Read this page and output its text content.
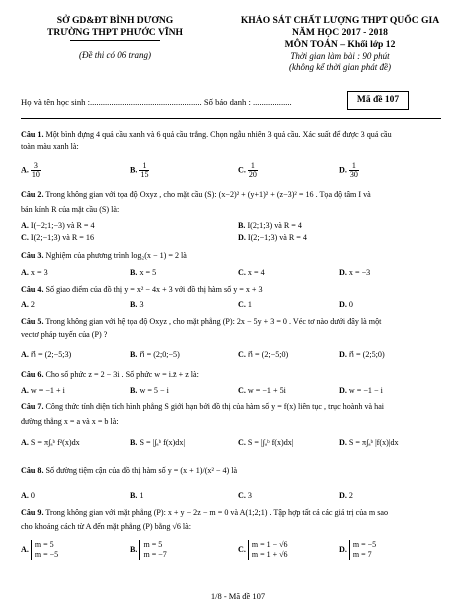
SỞ GD&ĐT BÌNH DƯƠNG
TRƯỜNG THPT PHƯỚC VĨNH
(Đề thi có 06 trang)
KHẢO SÁT CHẤT LƯỢNG THPT QUỐC GIA
NĂM HỌC 2017 - 2018
MÔN TOÁN – Khối lớp 12
Thời gian làm bài : 90 phút
(không kể thời gian phát đề)
Họ và tên học sinh :.................................................... Số báo danh : ..................	Mã đề 107
Câu 1. Một bình đựng 4 quả cầu xanh và 6 quả cầu trắng. Chọn ngẫu nhiên 3 quả cầu. Xác suất để được 3 quả cầu
toàn màu xanh là:
A. $\frac{3}{10}$	B. $\frac{1}{15}$	C. $\frac{1}{20}$	D. $\frac{1}{30}$
Câu 2. Trong không gian với tọa độ Oxyz , cho mặt cầu (S): (x−2)² + (y+1)² + (z−3)² = 16 . Tọa độ tâm I và
bán kính R của mặt cầu (S) là:
A. I(−2;1;−3) và R = 4	B. I(2;1;3) và R = 4
C. I(2;−1;3) và R = 16	D. I(2;−1;3) và R = 4
Câu 3. Nghiệm của phương trình log₂(x − 1) = 2 là
A. x = 3	B. x = 5	C. x = 4	D. x = −3
Câu 4. Số giao điểm của đồ thị y = x² − 4x + 3 với đồ thị hàm số y = x + 3
A. 2	B. 3	C. 1	D. 0
Câu 5. Trong không gian với hệ tọa độ Oxyz , cho mặt phẳng (P): 2x − 5y + 3 = 0 . Véc tơ nào dưới đây là một
vectơ pháp tuyến của (P) ?
A. n⃗ = (2;−5;3)	B. n⃗ = (2;0;−5)	C. n⃗ = (2;−5;0)	D. n⃗ = (2;5;0)
Câu 6. Cho số phức z = 2 − 3i . Số phức w = i.z̄ + z là:
A. w = −1 + i	B. w = 5 − i	C. w = −1 + 5i	D. w = −1 − i
Câu 7. Công thức tính diện tích hình phẳng S giới hạn bởi đồ thị của hàm số y = f(x) liên tục , trục hoành và hai
đường thẳng x = a và x = b là:
A. S = π∫ₐᵇ f²(x)dx	B. S = |∫ₐᵇ f(x)dx|	C. S = |∫ₐᵇ f(x)dx|	D. S = π∫ₐᵇ |f(x)|dx
Câu 8. Số đường tiệm cận của đồ thị hàm số y = (x + 1)/(x² − 4) là
A. 0	B. 1	C. 3	D. 2
Câu 9. Trong không gian với mặt phẳng (P): x + y − 2z − m = 0 và A(1;2;1) . Tập hợp tất cả các giá trị của m sao
cho khoảng cách từ A đến mặt phẳng (P) bằng √6 là:
A.
m = 5
m = −5
B.
m = 5
m = −7
C.
m = 1 − √6
m = 1 + √6
D.
m = −5
m = 7
1/8 - Mã đề 107
